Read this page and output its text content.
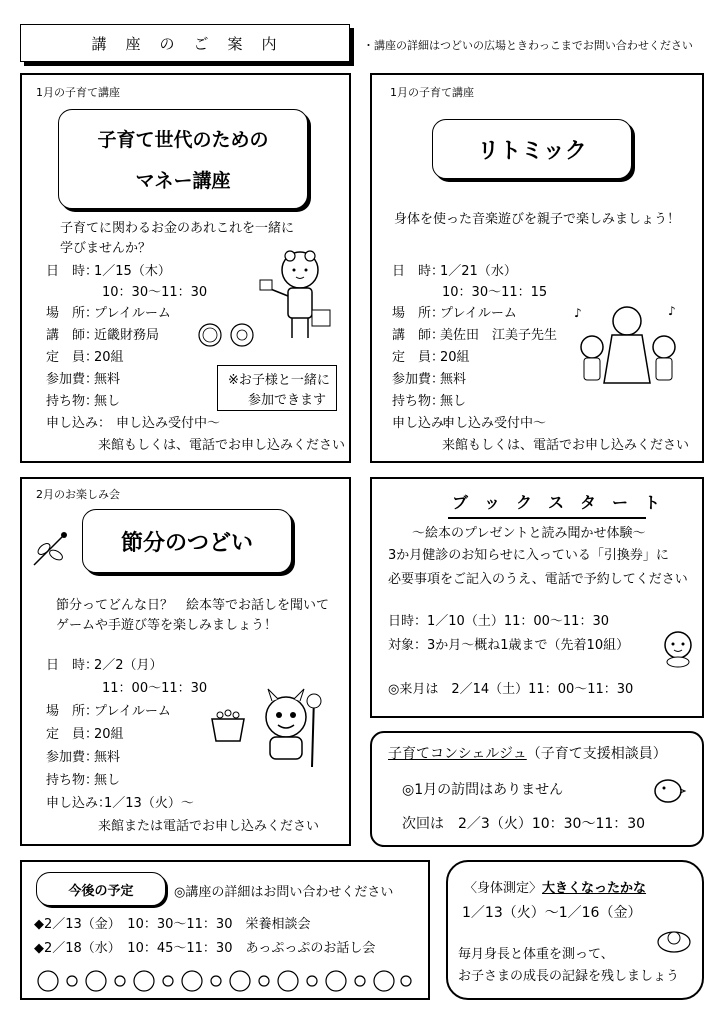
講　座　の　ご　案　内	・講座の詳細はつどいの広場ときわっこまでお問い合わせください
1月の子育て講座
子育て世代のための
マネー講座
子育てに関わるお金のあれこれを一緒に
学びませんか？
日　時：1／15（木）
10：30〜11：30
場　所：プレイルーム
講　師：近畿財務局
定　員：20組
参加費：無料
持ち物：無し
申し込み： 申し込み受付中〜
来館もしくは、電話でお申し込みください
※お子様と一緒に
参加できます
1月の子育て講座
リトミック
身体を使った音楽遊びを親子で楽しみましょう！
日　時：1／21（水）
10：30〜11：15
場　所：プレイルーム
講　師：美佐田　江美子先生
定　員：20組
参加費：無料
持ち物：無し
申し込み：申し込み受付中〜
来館もしくは、電話でお申し込みください
♪	♪
2月のお楽しみ会
節分のつどい
節分ってどんな日？　絵本等でお話しを聞いて
ゲームや手遊び等を楽しみましょう！
日　時：2／2（月）
11：00〜11：30
場　所：プレイルーム
定　員：20組
参加費：無料
持ち物：無し
申し込み：1／13（火）〜
来館または電話でお申し込みください
ブ　ッ　ク　ス　タ　ー　ト
〜絵本のプレゼントと読み聞かせ体験〜
3か月健診のお知らせに入っている「引換券」に
必要事項をご記入のうえ、電話で予約してください
日時：1／10（土）11：00〜11：30
対象：3か月〜概ね1歳まで（先着10組）
◎来月は　2／14（土）11：00〜11：30
子育てコンシェルジュ（子育て支援相談員）
◎1月の訪問はありません
次回は 2／3（火）10：30〜11：30
今後の予定	◎講座の詳細はお問い合わせください
◆2／13（金）　10：30〜11：30　栄養相談会
◆2／18（水）　10：45〜11：30　あっぷっぷのお話し会
〈身体測定〉大きくなったかな
1／13（火）〜1／16（金）
毎月身長と体重を測って、
お子さまの成長の記録を残しましょう
